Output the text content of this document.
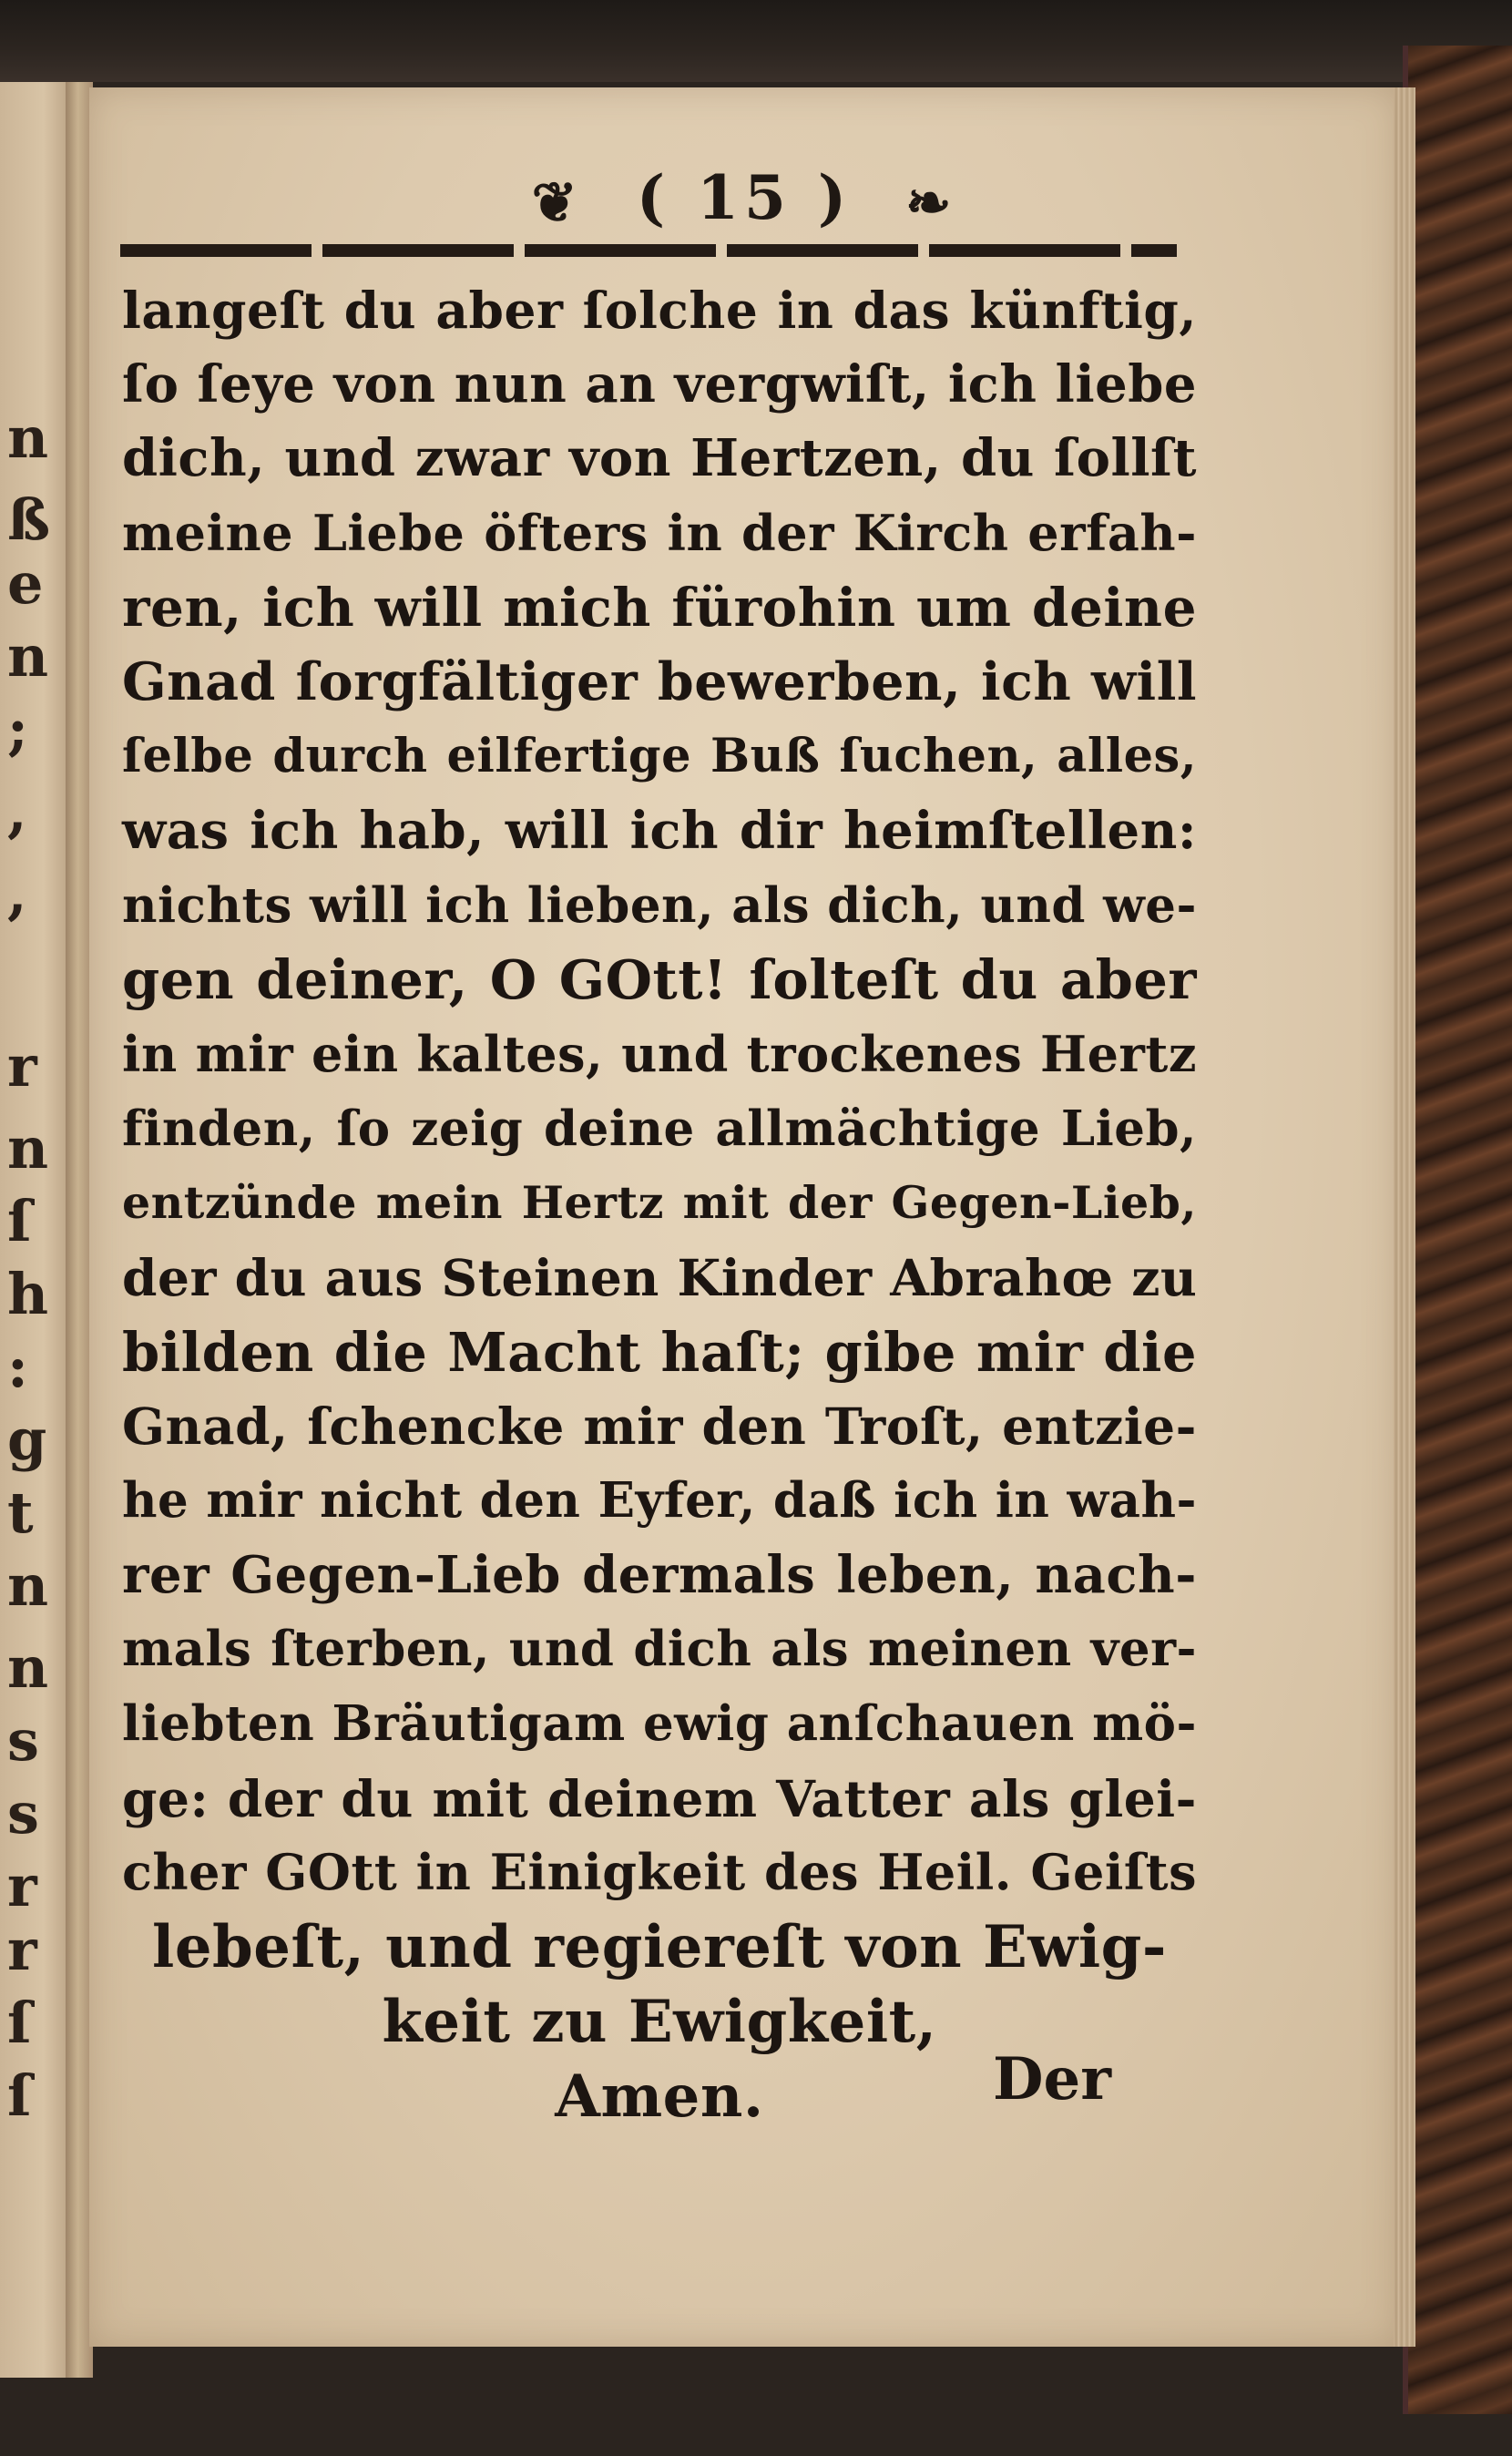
n
ß
e
n
;
,
,
r
n
ſ
h
:
g
t
n
n
s
s
r
r
ſ
ſ
❦ ( 15 ) ❧
langeſt du aber ſolche in das künftig,
ſo ſeye von nun an vergwiſt, ich liebe
dich, und zwar von Hertzen, du ſollſt
meine Liebe öfters in der Kirch erfah-
ren, ich will mich fürohin um deine
Gnad ſorgfältiger bewerben, ich will
ſelbe durch eilfertige Buß ſuchen, alles,
was ich hab, will ich dir heimſtellen:
nichts will ich lieben, als dich, und we-
gen deiner, O GOtt! ſolteſt du aber
in mir ein kaltes, und trockenes Hertz
finden, ſo zeig deine allmächtige Lieb,
entzünde mein Hertz mit der Gegen-Lieb,
der du aus Steinen Kinder Abrahœ zu
bilden die Macht haſt; gibe mir die
Gnad, ſchencke mir den Troſt, entzie-
he mir nicht den Eyfer, daß ich in wah-
rer Gegen-Lieb dermals leben, nach-
mals ſterben, und dich als meinen ver-
liebten Bräutigam ewig anſchauen mö-
ge: der du mit deinem Vatter als glei-
cher GOtt in Einigkeit des Heil. Geiſts
lebeſt, und regiereſt von Ewig-
keit zu Ewigkeit,
Amen.	Der
